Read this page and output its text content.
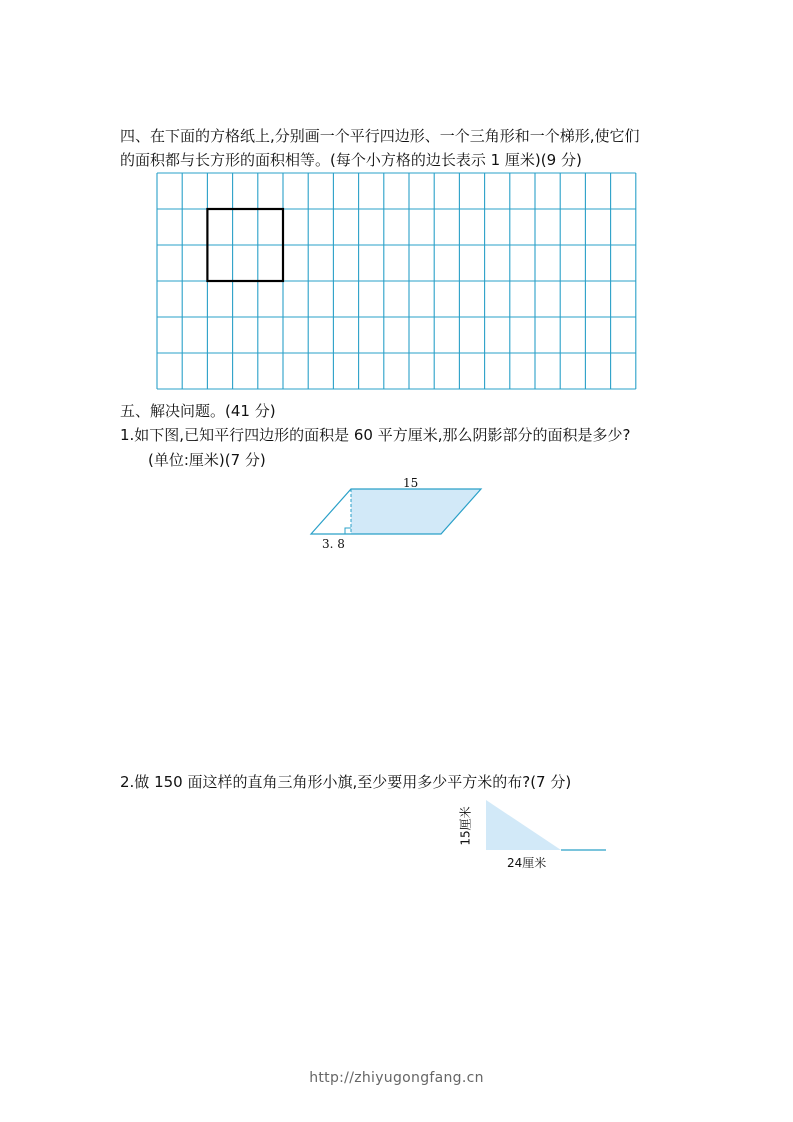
四、在下面的方格纸上,分别画一个平行四边形、一个三角形和一个梯形,使它们
的面积都与长方形的面积相等。(每个小方格的边长表示 1 厘米)(9 分)
五、解决问题。(41 分)
1.如下图,已知平行四边形的面积是 60 平方厘米,那么阴影部分的面积是多少?
(单位:厘米)(7 分)
15
3. 8
2.做 150 面这样的直角三角形小旗,至少要用多少平方米的布?(7 分)
15厘米
24厘米
http://zhiyugongfang.cn
